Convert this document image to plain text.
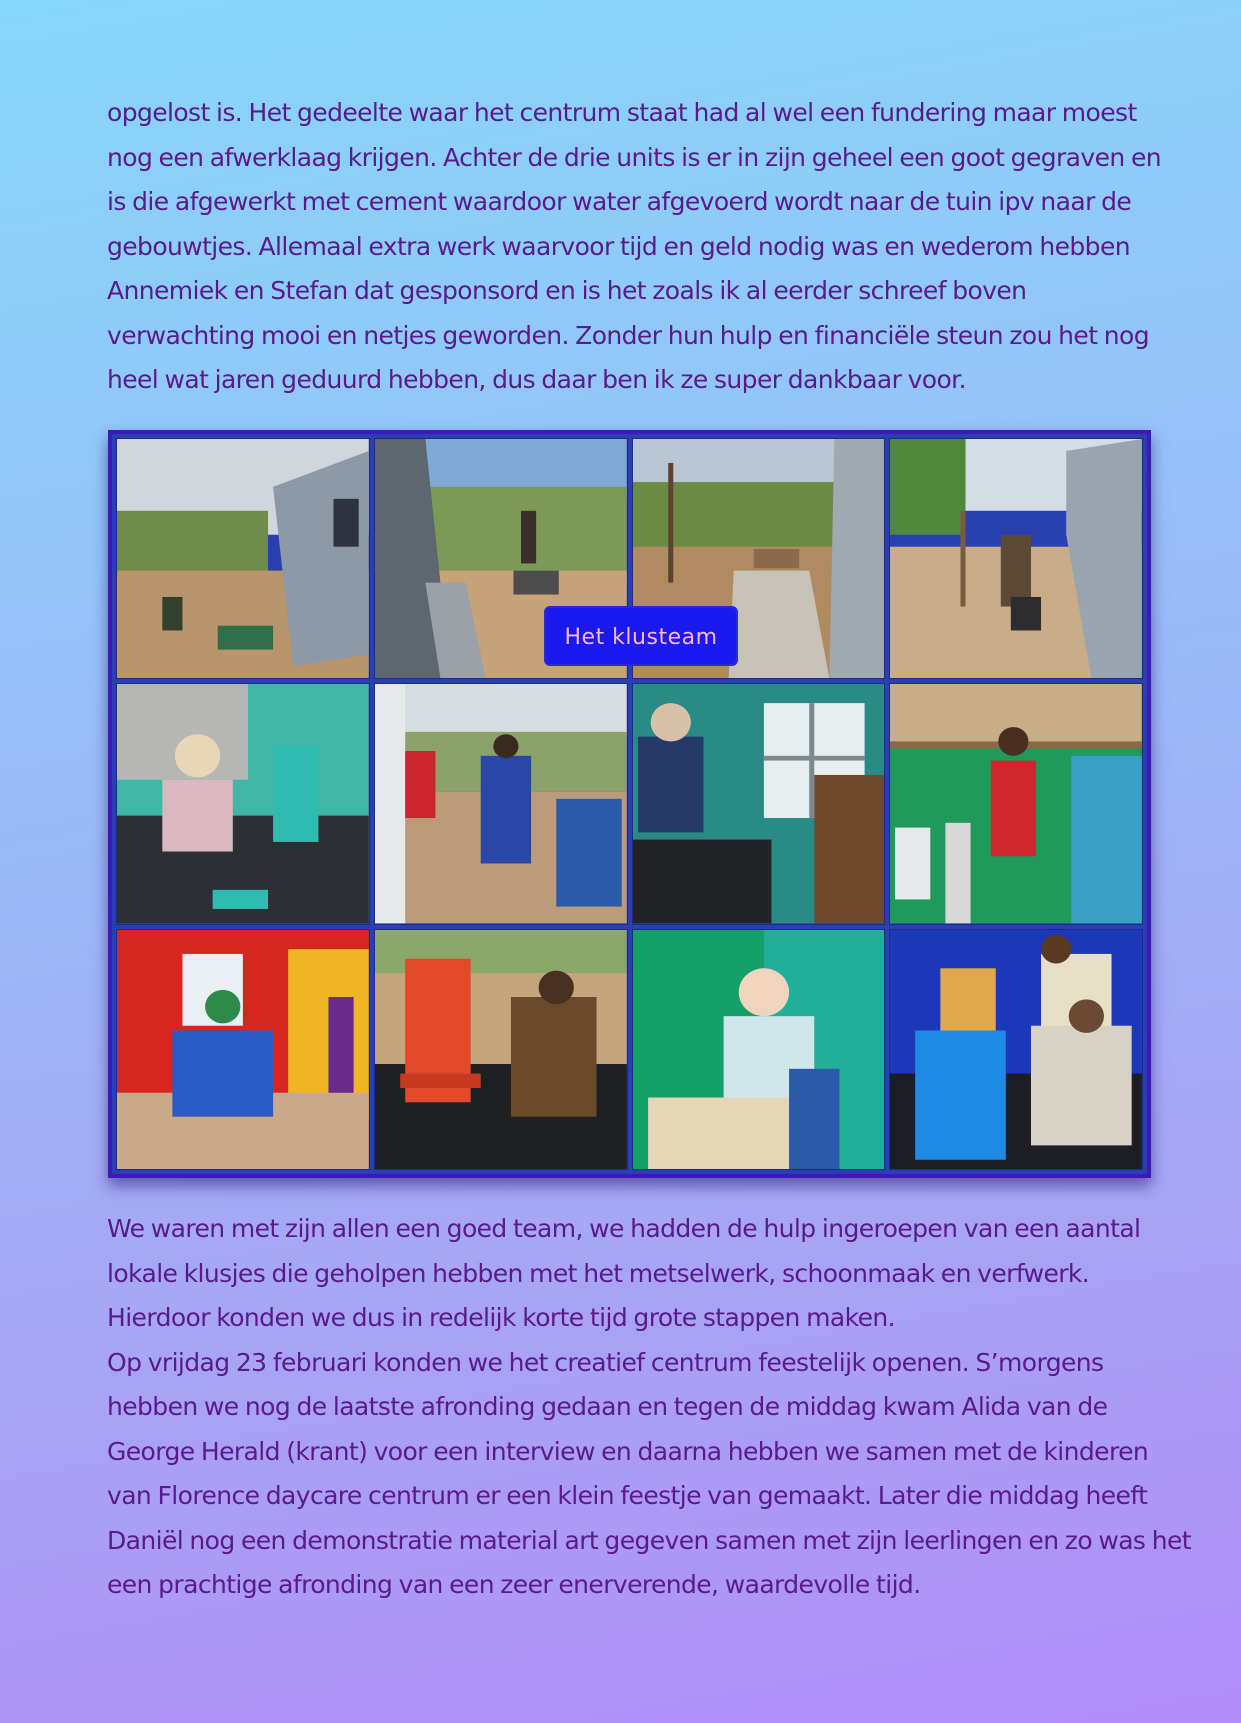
opgelost is. Het gedeelte waar het centrum staat had al wel een fundering maar moest
nog een afwerklaag krijgen. Achter de drie units is er in zijn geheel een goot gegraven en
is die afgewerkt met cement waardoor water afgevoerd wordt naar de tuin ipv naar de
gebouwtjes. Allemaal extra werk waarvoor tijd en geld nodig was en wederom hebben
Annemiek en Stefan dat gesponsord en is het zoals ik al eerder schreef boven
verwachting mooi en netjes geworden. Zonder hun hulp en financiële steun zou het nog
heel wat jaren geduurd hebben, dus daar ben ik ze super dankbaar voor.
Het klusteam
We waren met zijn allen een goed team, we hadden de hulp ingeroepen van een aantal
lokale klusjes die geholpen hebben met het metselwerk, schoonmaak en verfwerk.
Hierdoor konden we dus in redelijk korte tijd grote stappen maken.
Op vrijdag 23 februari konden we het creatief centrum feestelijk openen. S’morgens
hebben we nog de laatste afronding gedaan en tegen de middag kwam Alida van de
George Herald (krant) voor een interview en daarna hebben we samen met de kinderen
van Florence daycare centrum er een klein feestje van gemaakt. Later die middag heeft
Daniël nog een demonstratie material art gegeven samen met zijn leerlingen en zo was het
een prachtige afronding van een zeer enerverende, waardevolle tijd.
